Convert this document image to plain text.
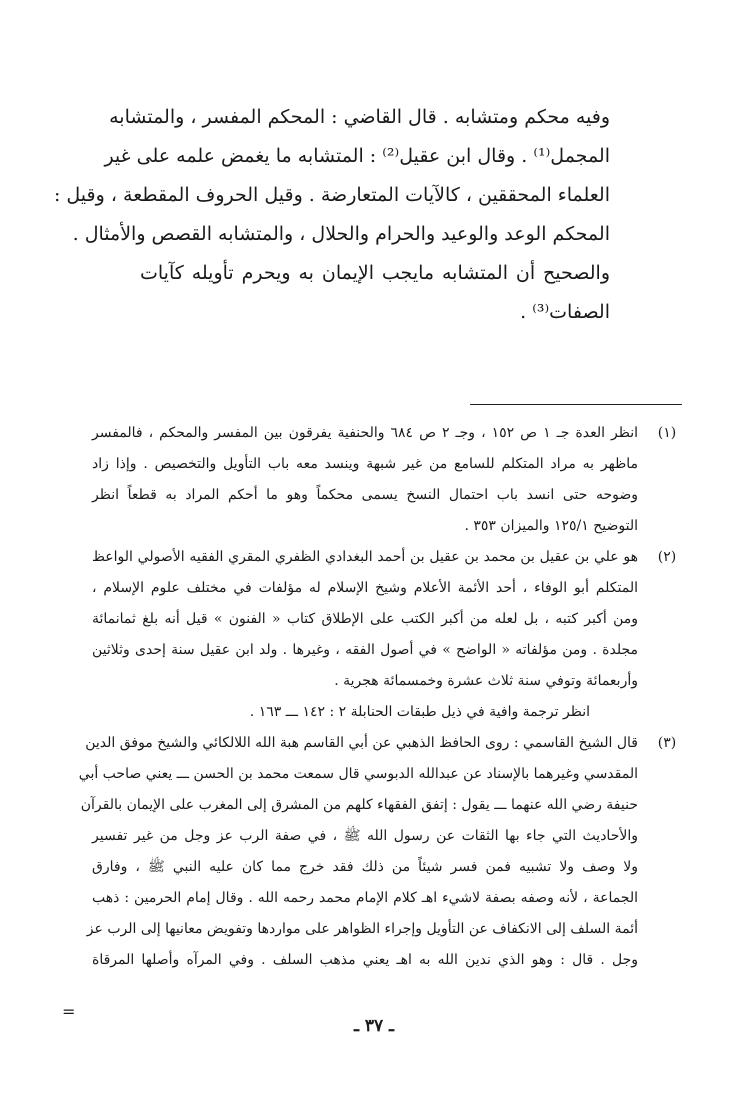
وفيه محكم ومتشابه . قال القاضي : المحكم المفسر ، والمتشابه
المجمل⁽¹⁾ . وقال ابن عقيل⁽²⁾ : المتشابه ما يغمض علمه على غير
العلماء المحققين ، كالآيات المتعارضة . وقيل الحروف المقطعة ، وقيل :
المحكم الوعد والوعيد والحرام والحلال ، والمتشابه القصص والأمثال .
والصحيح أن المتشابه مايجب الإيمان به ويحرم تأويله كآيات
الصفات⁽³⁾ .
(١)
انظر العدة جـ ١ ص ١٥٢ ، وجـ ٢ ص ٦٨٤ والحنفية يفرقون بين المفسر والمحكم ، فالمفسر
ماظهر به مراد المتكلم للسامع من غير شبهة وينسد معه باب التأويل والتخصيص . وإذا زاد
وضوحه حتى انسد باب احتمال النسخ يسمى محكماً وهو ما أحكم المراد به قطعاً انظر
التوضيح ١٢٥/١ والميزان ٣٥٣ .
(٢)
هو علي بن عقيل بن محمد بن عقيل بن أحمد البغدادي الظفري المقري الفقيه الأصولي الواعظ
المتكلم أبو الوفاء ، أحد الأئمة الأعلام وشيخ الإسلام له مؤلفات في مختلف علوم الإسلام ،
ومن أكبر كتبه ، بل لعله من أكبر الكتب على الإطلاق كتاب « الفنون » قيل أنه بلغ ثمانمائة
مجلدة . ومن مؤلفاته « الواضح » في أصول الفقه ، وغيرها . ولد ابن عقيل سنة إحدى وثلاثين
وأربعمائة وتوفي سنة ثلاث عشرة وخمسمائة هجرية .
انظر ترجمة وافية في ذيل طبقات الحنابلة ٢ : ١٤٢ ـــ ١٦٣ .
(٣)
قال الشيخ القاسمي : روى الحافظ الذهبي عن أبي القاسم هبة الله اللالكائي والشيخ موفق الدين
المقدسي وغيرهما بالإسناد عن عبدالله الدبوسي قال سمعت محمد بن الحسن ـــ يعني صاحب أبي
حنيفة رضي الله عنهما ـــ يقول : إتفق الفقهاء كلهم من المشرق إلى المغرب على الإيمان بالقرآن
والأحاديث التي جاء بها الثقات عن رسول الله ﷺ ، في صفة الرب عز وجل من غير تفسير
ولا وصف ولا تشبيه فمن فسر شيئاً من ذلك فقد خرج مما كان عليه النبي ﷺ ، وفارق
الجماعة ، لأنه وصفه بصفة لاشيء اهـ كلام الإمام محمد رحمه الله . وقال إمام الحرمين : ذهب
أئمة السلف إلى الانكفاف عن التأويل وإجراء الظواهر على مواردها وتفويض معانيها إلى الرب عز
وجل . قال : وهو الذي ندين الله به اهـ يعني مذهب السلف . وفي المرآه وأصلها المرقاة
=
ـ ٣٧ ـ
